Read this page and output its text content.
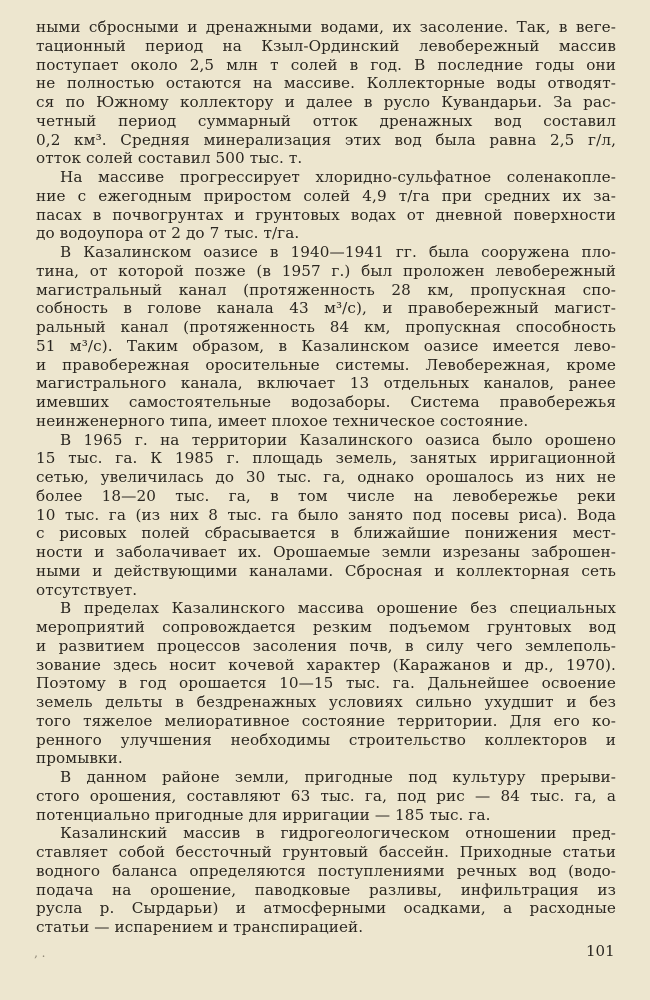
ными сбросными и дренажными водами, их засоление. Так, в веге-
тационный период на Кзыл-Ординский левобережный массив
поступает около 2,5 млн т солей в год. В последние годы они
не полностью остаются на массиве. Коллекторные воды отводят-
ся по Южному коллектору и далее в русло Кувандарьи. За рас-
четный период суммарный отток дренажных вод составил
0,2 км³. Средняя минерализация этих вод была равна 2,5 г/л,
отток солей составил 500 тыс. т.
На массиве прогрессирует хлоридно-сульфатное соленакопле-
ние с ежегодным приростом солей 4,9 т/га при средних их за-
пасах в почвогрунтах и грунтовых водах от дневной поверхности
до водоупора от 2 до 7 тыс. т/га.
В Казалинском оазисе в 1940—1941 гг. была сооружена пло-
тина, от которой позже (в 1957 г.) был проложен левобережный
магистральный канал (протяженность 28 км, пропускная спо-
собность в голове канала 43 м³/с), и правобережный магист-
ральный канал (протяженность 84 км, пропускная способность
51 м³/с). Таким образом, в Казалинском оазисе имеется лево-
и правобережная оросительные системы. Левобережная, кроме
магистрального канала, включает 13 отдельных каналов, ранее
имевших самостоятельные водозаборы. Система правобережья
неинженерного типа, имеет плохое техническое состояние.
В 1965 г. на территории Казалинского оазиса было орошено
15 тыс. га. К 1985 г. площадь земель, занятых ирригационной
сетью, увеличилась до 30 тыс. га, однако орошалось из них не
более 18—20 тыс. га, в том числе на левобережье реки
10 тыс. га (из них 8 тыс. га было занято под посевы риса). Вода
с рисовых полей сбрасывается в ближайшие понижения мест-
ности и заболачивает их. Орошаемые земли изрезаны заброшен-
ными и действующими каналами. Сбросная и коллекторная сеть
отсутствует.
В пределах Казалинского массива орошение без специальных
мероприятий сопровождается резким подъемом грунтовых вод
и развитием процессов засоления почв, в силу чего землеполь-
зование здесь носит кочевой характер (Каражанов и др., 1970).
Поэтому в год орошается 10—15 тыс. га. Дальнейшее освоение
земель дельты в бездренажных условиях сильно ухудшит и без
того тяжелое мелиоративное состояние территории. Для его ко-
ренного улучшения необходимы строительство коллекторов и
промывки.
В данном районе земли, пригодные под культуру прерыви-
стого орошения, составляют 63 тыс. га, под рис — 84 тыс. га, а
потенциально пригодные для ирригации — 185 тыс. га.
Казалинский массив в гидрогеологическом отношении пред-
ставляет собой бессточный грунтовый бассейн. Приходные статьи
водного баланса определяются поступлениями речных вод (водо-
подача на орошение, паводковые разливы, инфильтрация из
русла р. Сырдарьи) и атмосферными осадками, а расходные
статьи — испарением и транспирацией.
‚ .	101
